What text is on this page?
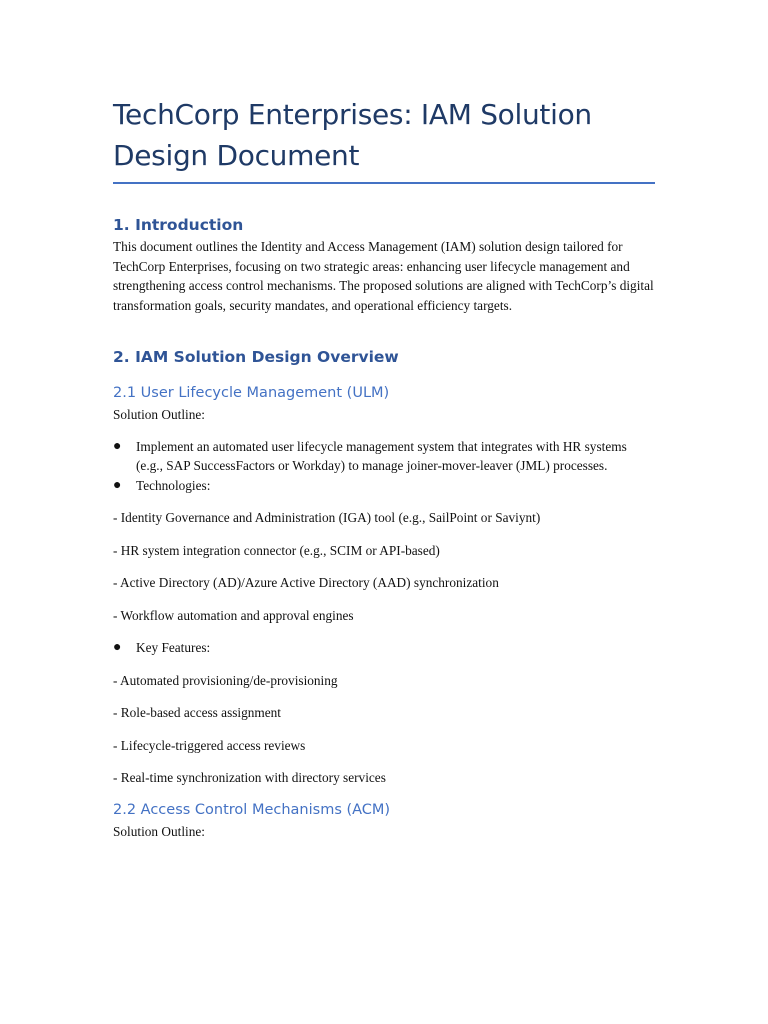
TechCorp Enterprises: IAM Solution Design Document
1. Introduction

This document outlines the Identity and Access Management (IAM) solution design tailored for TechCorp Enterprises, focusing on two strategic areas: enhancing user lifecycle management and strengthening access control mechanisms. The proposed solutions are aligned with TechCorp’s digital transformation goals, security mandates, and operational efficiency targets.

2. IAM Solution Design Overview
2.1 User Lifecycle Management (ULM)

Solution Outline:

● Implement an automated user lifecycle management system that integrates with HR systems (e.g., SAP SuccessFactors or Workday) to manage joiner-mover-leaver (JML) processes.
● Technologies:

- Identity Governance and Administration (IGA) tool (e.g., SailPoint or Saviynt)

- HR system integration connector (e.g., SCIM or API-based)

- Active Directory (AD)/Azure Active Directory (AAD) synchronization

- Workflow automation and approval engines

● Key Features:

- Automated provisioning/de-provisioning

- Role-based access assignment

- Lifecycle-triggered access reviews

- Real-time synchronization with directory services

2.2 Access Control Mechanisms (ACM)

Solution Outline:
